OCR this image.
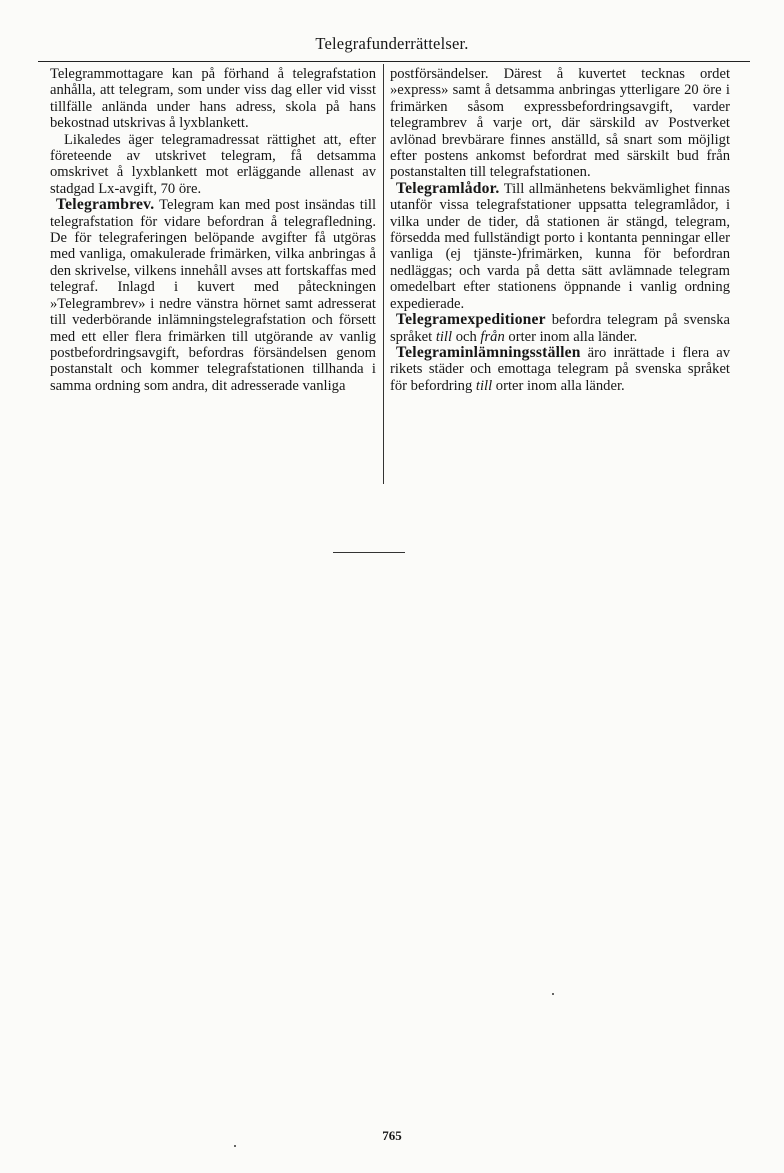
Telegrafunderrättelser.

Telegrammottagare kan på förhand å telegrafstation anhålla, att telegram, som under viss dag eller vid visst tillfälle anlända under hans adress, skola på hans bekostnad utskrivas å lyxblankett.

Likaledes äger telegramadressat rättighet att, efter företeende av utskrivet telegram, få detsamma omskrivet å lyxblankett mot erläggande allenast av stadgad Lx-avgift, 70 öre.

Telegrambrev. Telegram kan med post insändas till telegrafstation för vidare befordran å telegrafledning. De för telegraferingen belöpande avgifter få utgöras med vanliga, omakulerade frimärken, vilka anbringas å den skrivelse, vilkens innehåll avses att fortskaffas med telegraf. Inlagd i kuvert med påteckningen »Telegrambrev» i nedre vänstra hörnet samt adresserat till vederbörande inlämningstelegrafstation och försett med ett eller flera frimärken till utgörande av vanlig postbefordringsavgift, befordras försändelsen genom postanstalt och kommer telegrafstationen tillhanda i samma ordning som andra, dit adresserade vanliga

postförsändelser. Därest å kuvertet tecknas ordet »express» samt å detsamma anbringas ytterligare 20 öre i frimärken såsom expressbefordringsavgift, varder telegrambrev å varje ort, där särskild av Postverket avlönad brevbärare finnes anställd, så snart som möjligt efter postens ankomst befordrat med särskilt bud från postanstalten till telegrafstationen.

Telegramlådor. Till allmänhetens bekvämlighet finnas utanför vissa telegrafstationer uppsatta telegramlådor, i vilka under de tider, då stationen är stängd, telegram, försedda med fullständigt porto i kontanta penningar eller vanliga (ej tjänste-)frimärken, kunna för befordran nedläggas; och varda på detta sätt avlämnade telegram omedelbart efter stationens öppnande i vanlig ordning expedierade.

Telegramexpeditioner befordra telegram på svenska språket till och från orter inom alla länder.

Telegraminlämningsställen äro inrättade i flera av rikets städer och emottaga telegram på svenska språket för befordring till orter inom alla länder.

765
